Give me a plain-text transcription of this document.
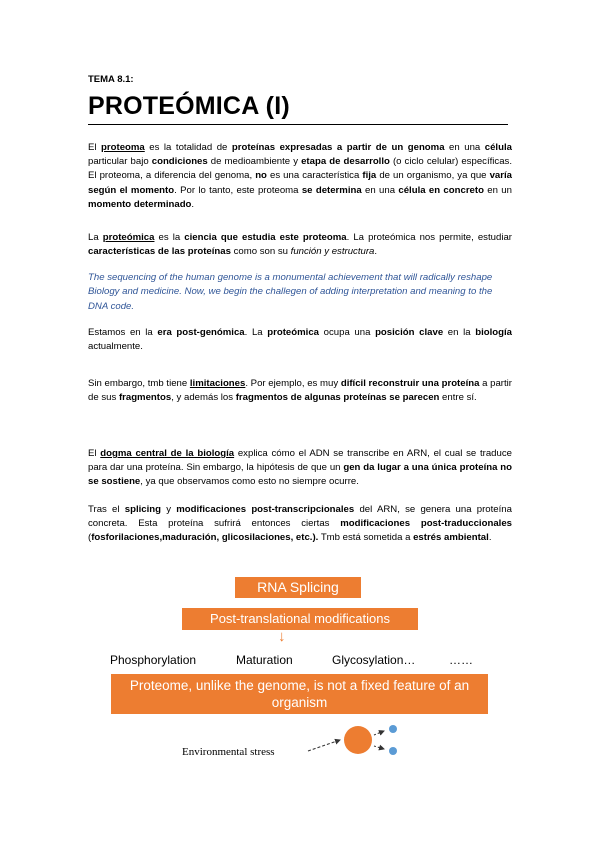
TEMA 8.1:
PROTEÓMICA (I)
El proteoma es la totalidad de proteínas expresadas a partir de un genoma en una célula particular bajo condiciones de medioambiente y etapa de desarrollo (o ciclo celular) específicas. El proteoma, a diferencia del genoma, no es una característica fija de un organismo, ya que varía según el momento. Por lo tanto, este proteoma se determina en una célula en concreto en un momento determinado.
La proteómica es la ciencia que estudia este proteoma. La proteómica nos permite, estudiar características de las proteínas como son su función y estructura.
The sequencing of the human genome is a monumental achievement that will radically reshape Biology and medicine. Now, we begin the challegen of adding interpretation and meaning to the DNA code.
Estamos en la era post-genómica. La proteómica ocupa una posición clave en la biología actualmente.
Sin embargo, tmb tiene limitaciones. Por ejemplo, es muy difícil reconstruir una proteína a partir de sus fragmentos, y además los fragmentos de algunas proteínas se parecen entre sí.
El dogma central de la biología explica cómo el ADN se transcribe en ARN, el cual se traduce para dar una proteína. Sin embargo, la hipótesis de que un gen da lugar a una única proteína no se sostiene, ya que observamos como esto no siempre ocurre.
Tras el splicing y modificaciones post-transcripcionales del ARN, se genera una proteína concreta. Esta proteína sufrirá entonces ciertas modificaciones post-traduccionales (fosforilaciones,maduración, glicosilaciones, etc.). Tmb está sometida a estrés ambiental.
RNA Splicing
Post-translational modifications
↓
Phosphorylation	Maturation	Glycosylation…	……
Proteome, unlike the genome, is not a fixed feature of an organism
Environmental stress
